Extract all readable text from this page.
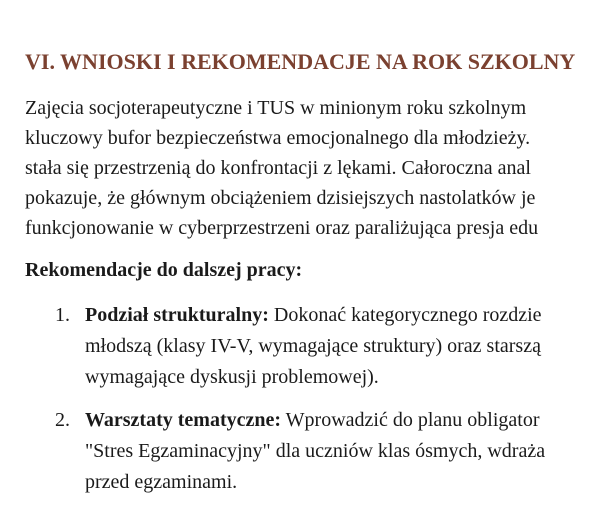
VI. WNIOSKI I REKOMENDACJE NA ROK SZKOLNY

Zajęcia socjoterapeutyczne i TUS w minionym roku szkolnym
kluczowy bufor bezpieczeństwa emocjonalnego dla młodzieży.
stała się przestrzenią do konfrontacji z lękami. Całoroczna anal
pokazuje, że głównym obciążeniem dzisiejszych nastolatków je
funkcjonowanie w cyberprzestrzeni oraz paraliżująca presja edu

Rekomendacje do dalszej pracy:

1. Podział strukturalny: Dokonać kategorycznego rozdzie
młodszą (klasy IV-V, wymagające struktury) oraz starszą
wymagające dyskusji problemowej).
2. Warsztaty tematyczne: Wprowadzić do planu obligator
"Stres Egzaminacyjny" dla uczniów klas ósmych, wdraża
przed egzaminami.
